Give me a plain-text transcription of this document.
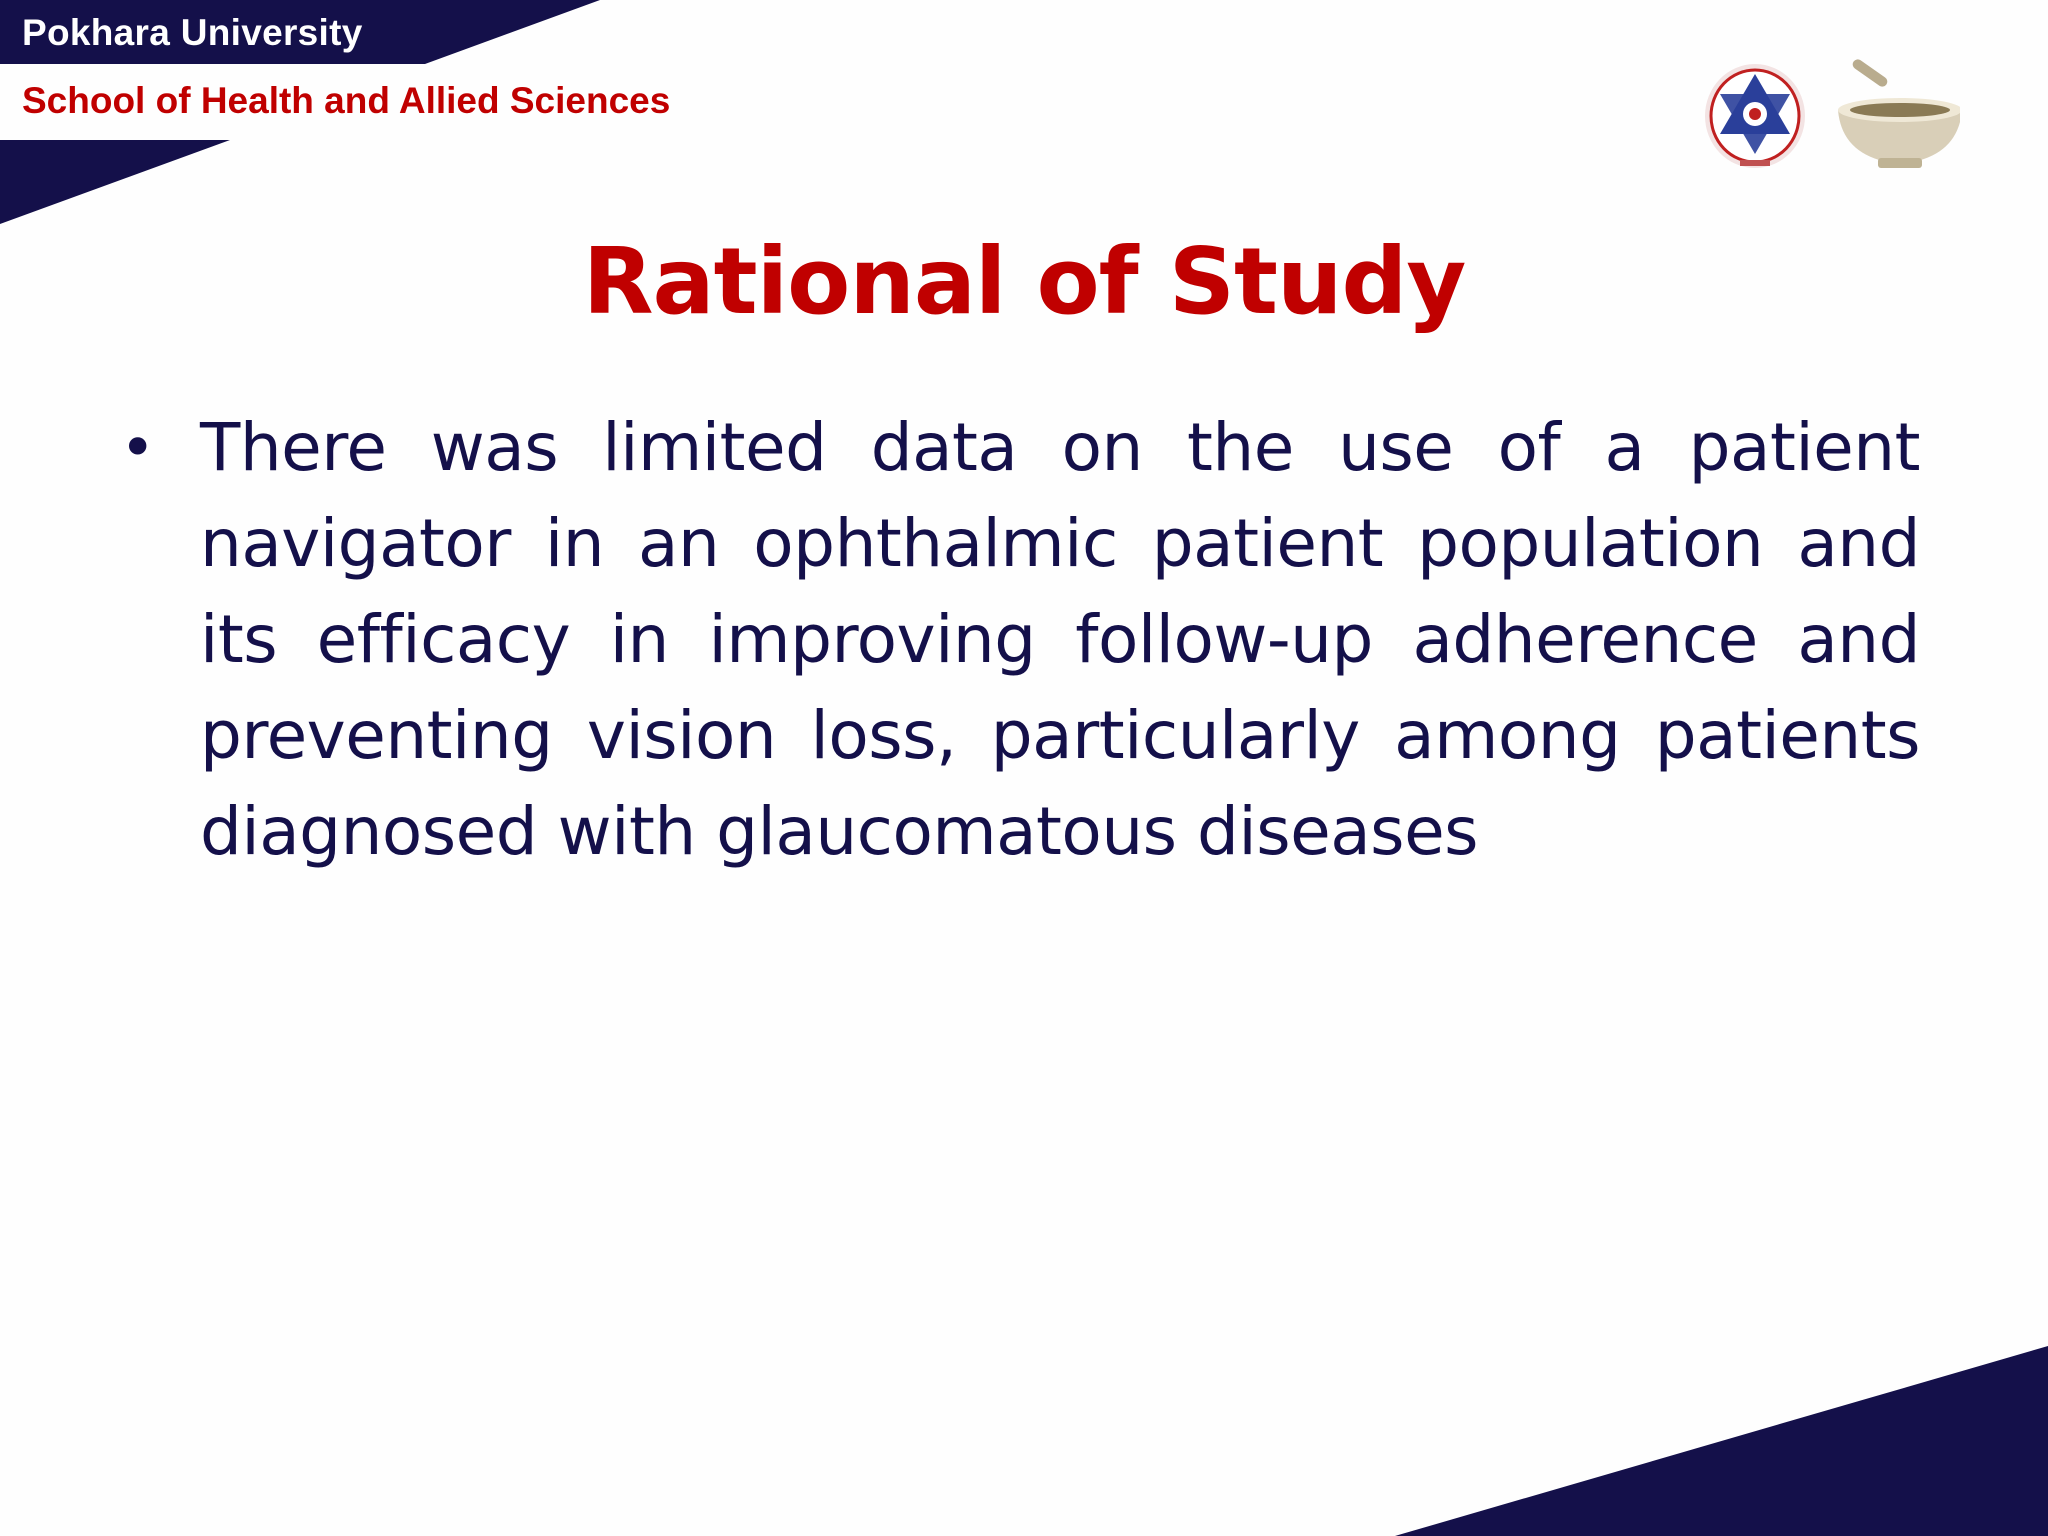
Pokhara University
School of Health and Allied Sciences
Rational of Study
• There was limited data on the use of a patient navigator in an ophthalmic patient population and its efficacy in improving follow-up adherence and preventing vision loss, particularly among patients diagnosed with glaucomatous diseases
